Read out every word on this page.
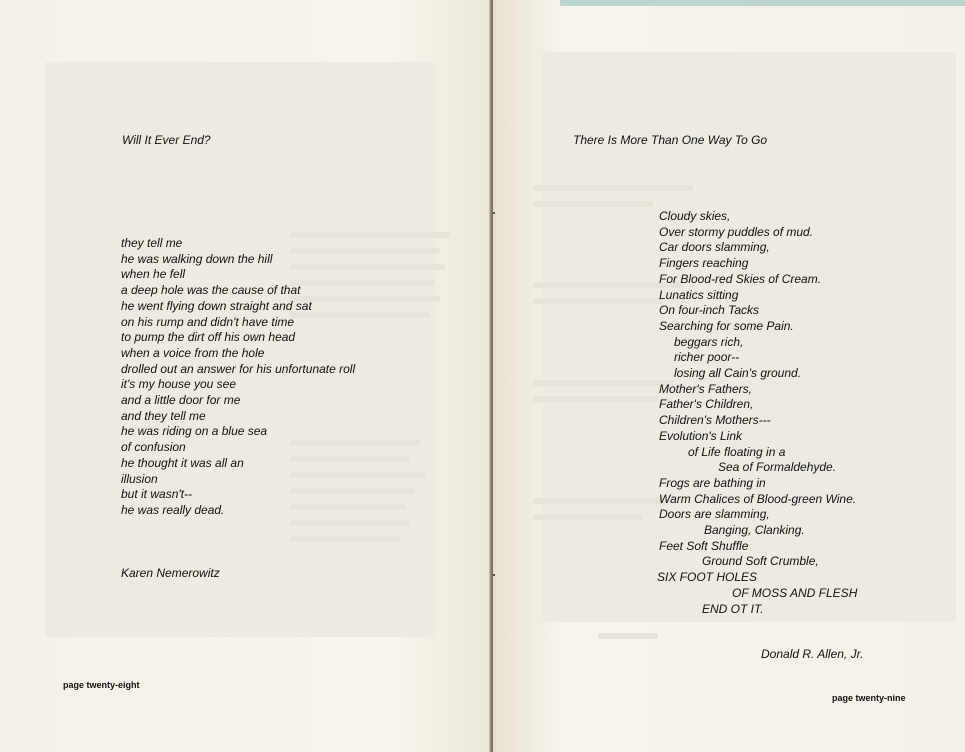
Will It Ever End?
they tell me
he was walking down the hill
when he fell
a deep hole was the cause of that
he went flying down straight and sat
on his rump and didn't have time
to pump the dirt off his own head
when a voice from the hole
drolled out an answer for his unfortunate roll
it's my house you see
and a little door for me
and they tell me
he was riding on a blue sea
of confusion
he thought it was all an
illusion
but it wasn't--
he was really dead.
Karen Nemerowitz
page twenty-eight
There Is More Than One Way To Go
Cloudy skies,
Over stormy puddles of mud.
Car doors slamming,
Fingers reaching
For Blood-red Skies of Cream.
Lunatics sitting
On four-inch Tacks
Searching for some Pain.
beggars rich,
richer poor--
losing all Cain's ground.
Mother's Fathers,
Father's Children,
Children's Mothers---
Evolution's Link
of Life floating in a
Sea of Formaldehyde.
Frogs are bathing in
Warm Chalices of Blood-green Wine.
Doors are slamming,
Banging, Clanking.
Feet Soft Shuffle
Ground Soft Crumble,
SIX FOOT HOLES
OF MOSS AND FLESH
END OT IT.
Donald R. Allen, Jr.
page twenty-nine
